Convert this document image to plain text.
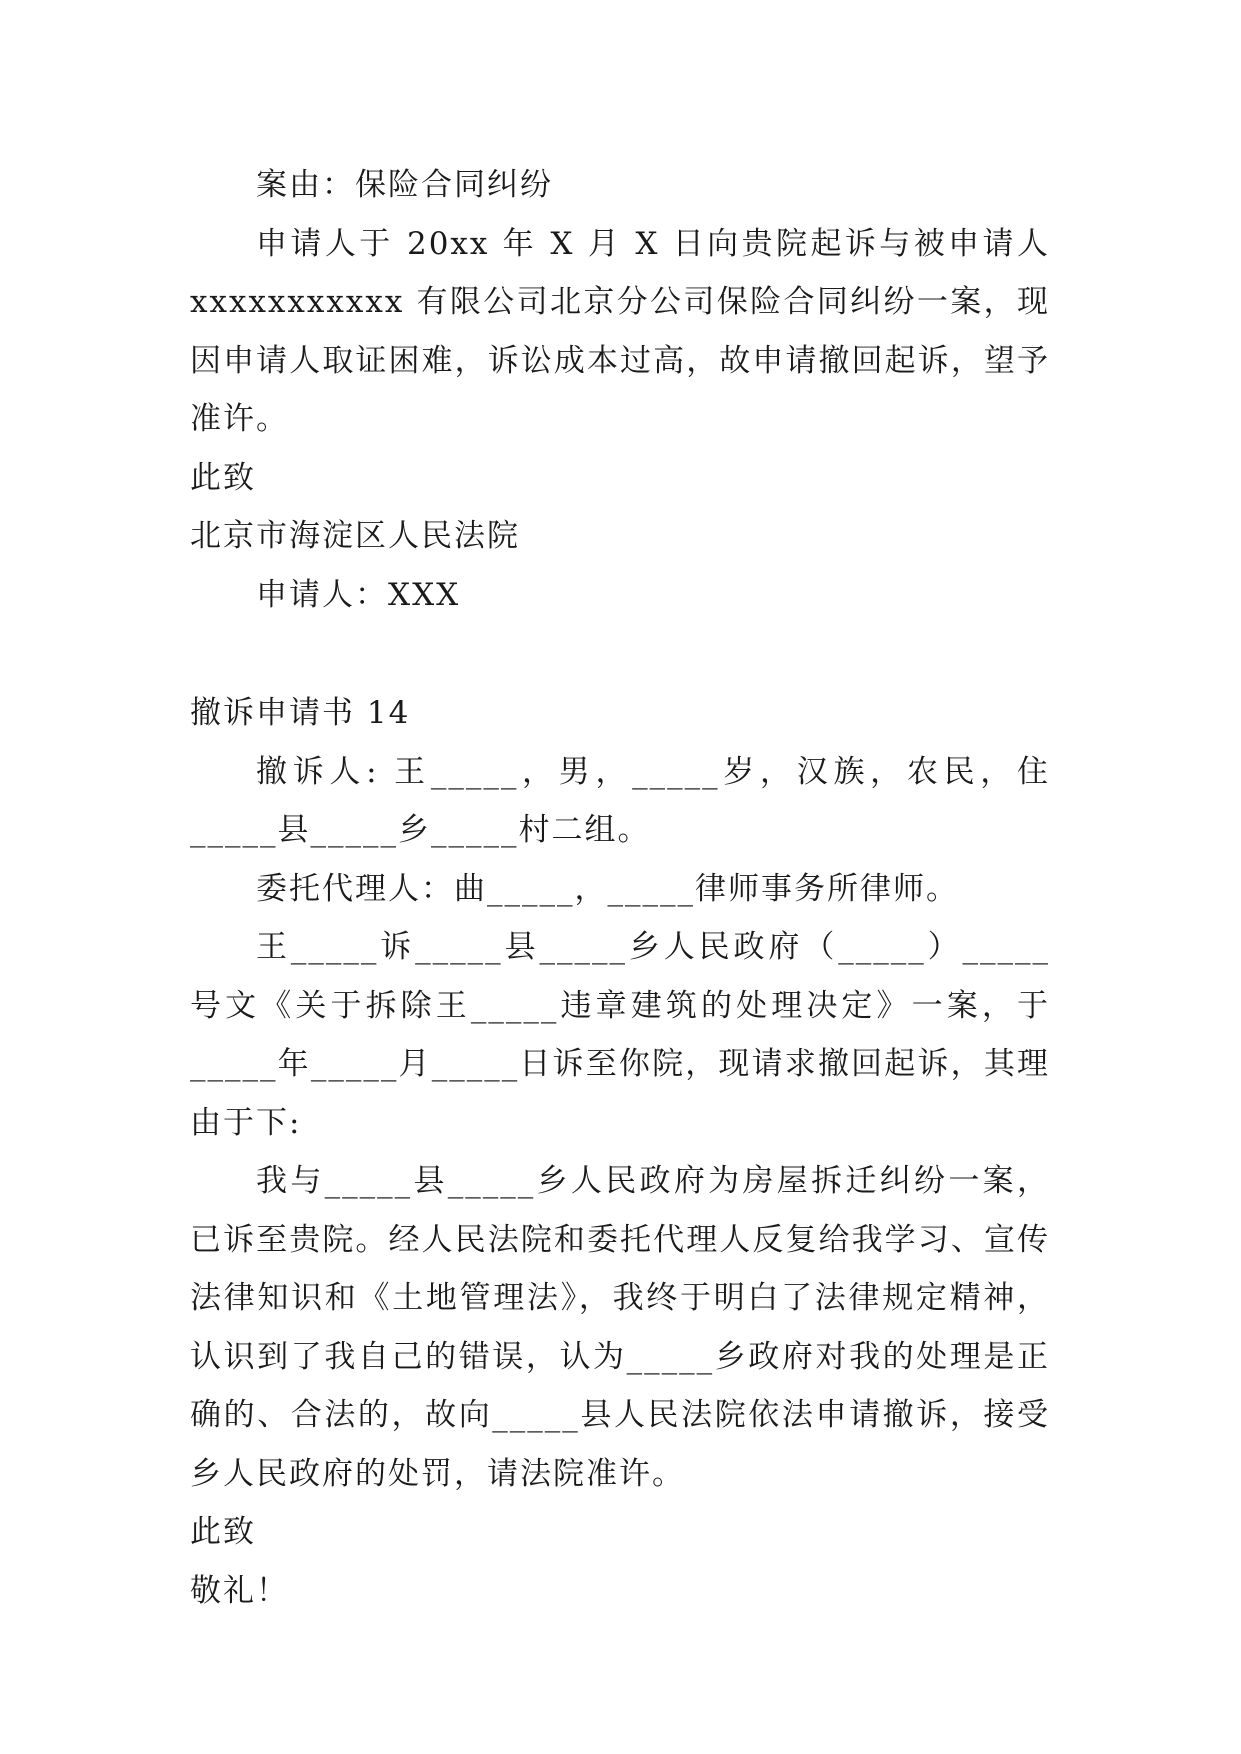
案由：保险合同纠纷

申请人于 20xx 年 X 月 X 日向贵院起诉与被申请人 xxxxxxxxxxx 有限公司北京分公司保险合同纠纷一案，现因申请人取证困难，诉讼成本过高，故申请撤回起诉，望予准许。

此致

北京市海淀区人民法院

申请人：XXX

撤诉申请书 14

撤诉人: 王_____，男，_____岁，汉族，农民，住_____县_____乡_____村二组。

委托代理人：曲_____，_____律师事务所律师。

王_____诉_____县_____乡人民政府（_____）_____号文《关于拆除王_____违章建筑的处理决定》一案，于_____年_____月_____日诉至你院，现请求撤回起诉，其理由于下:

我与_____县_____乡人民政府为房屋拆迁纠纷一案，已诉至贵院。经人民法院和委托代理人反复给我学习、宣传法律知识和《土地管理法》，我终于明白了法律规定精神，认识到了我自己的错误，认为_____乡政府对我的处理是正确的、合法的，故向_____县人民法院依法申请撤诉，接受乡人民政府的处罚，请法院准许。

此致

敬礼！
